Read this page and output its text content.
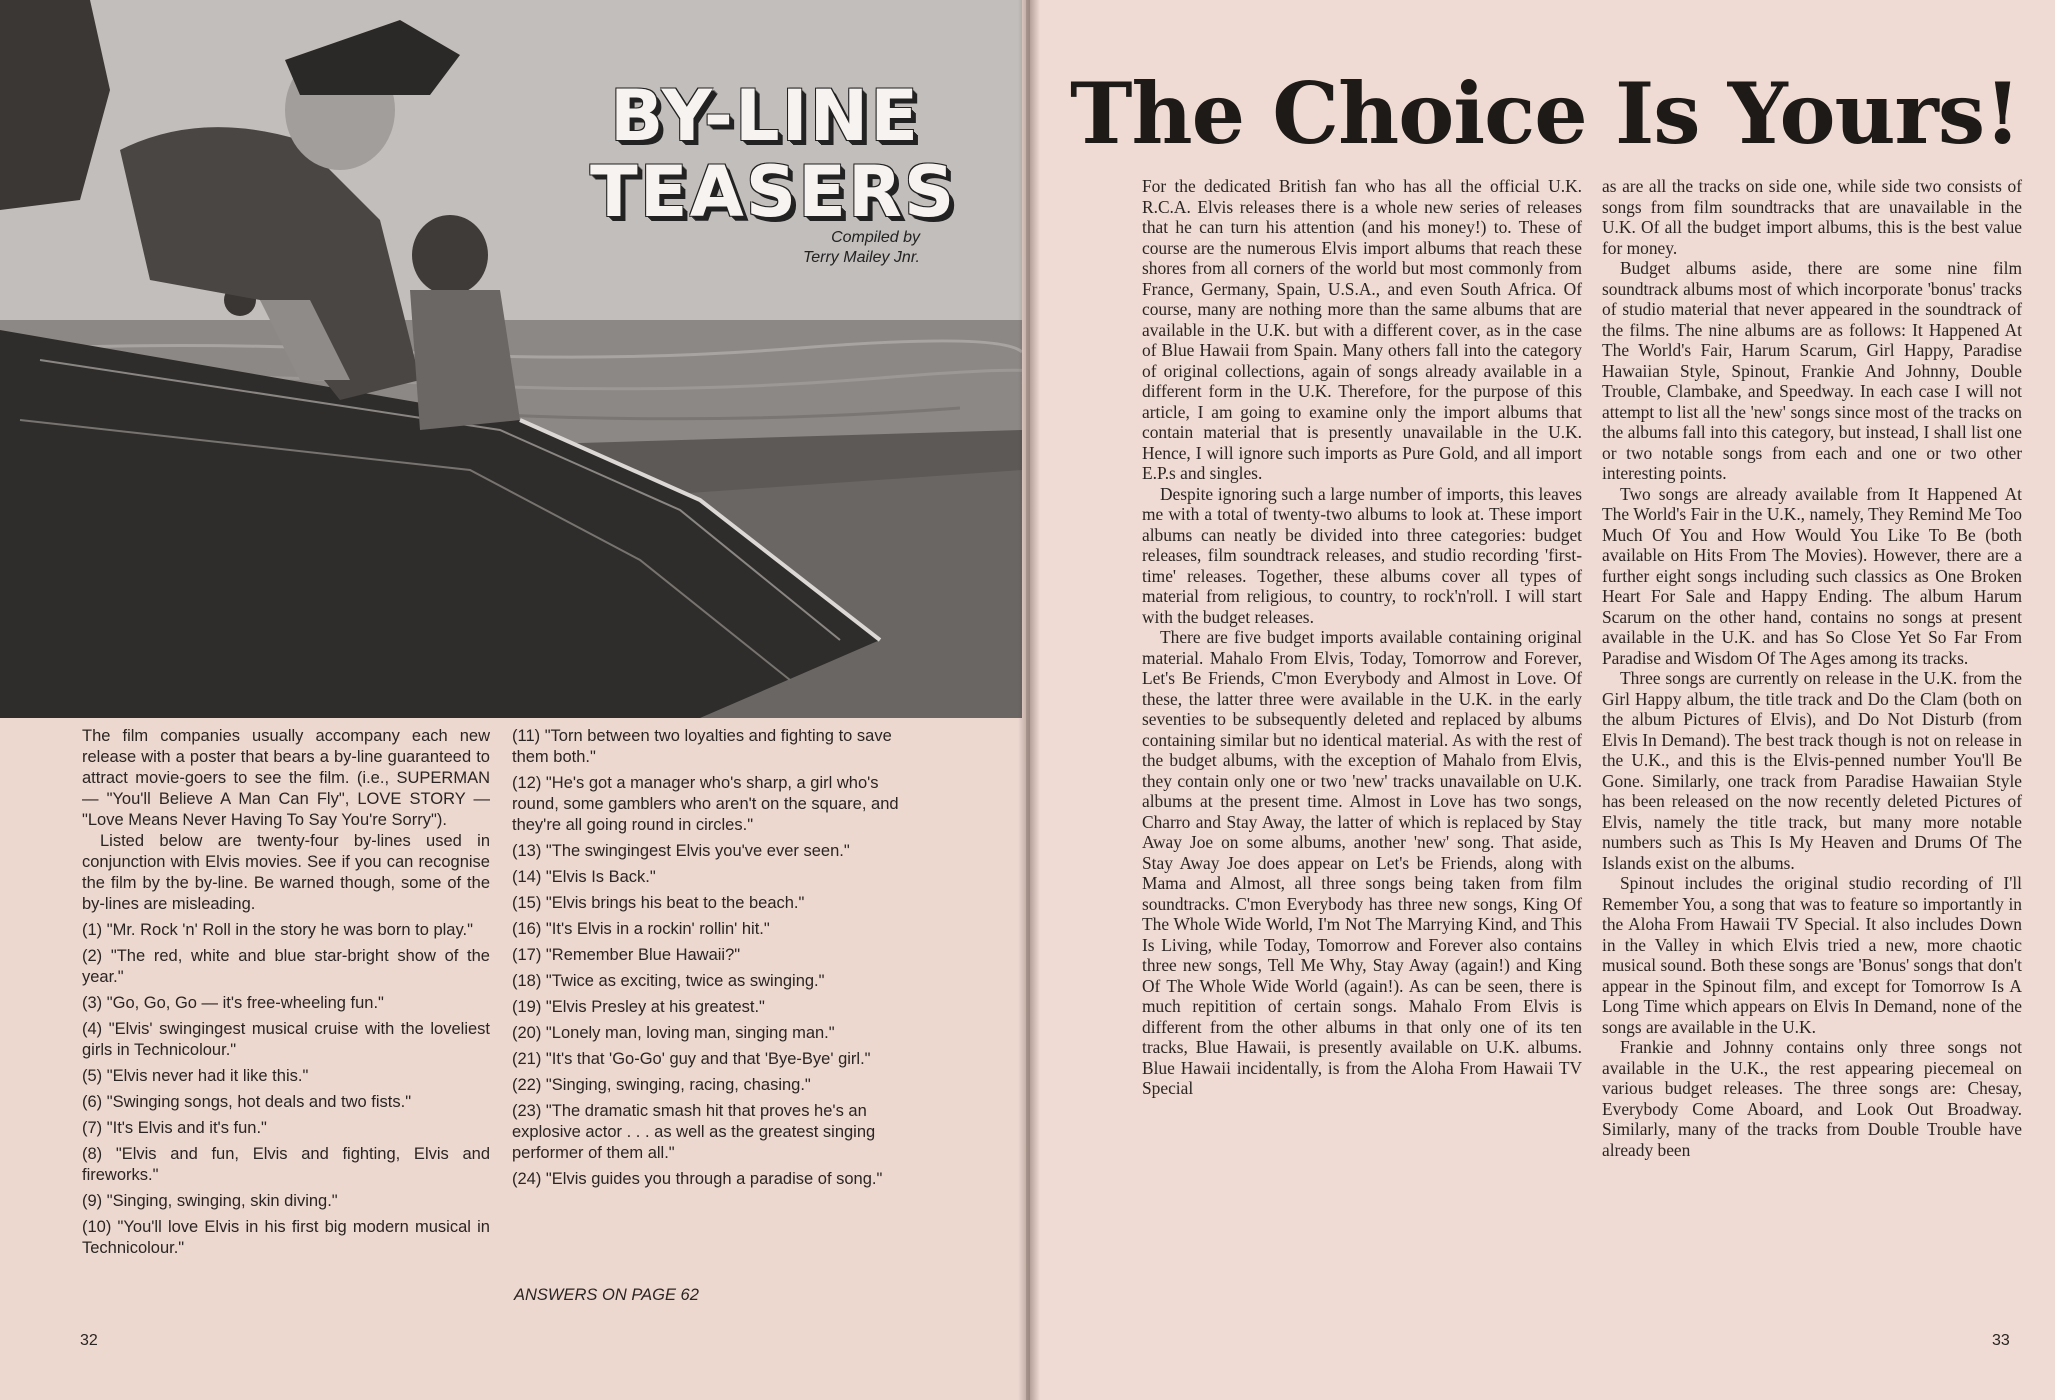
BY-LINE
TEASERS
Compiled by
Terry Mailey Jnr.

The film companies usually accompany each new release with a poster that bears a by-line guaranteed to attract movie-goers to see the film. (i.e., SUPERMAN — "You'll Believe A Man Can Fly", LOVE STORY — "Love Means Never Having To Say You're Sorry").

Listed below are twenty-four by-lines used in conjunction with Elvis movies. See if you can recognise the film by the by-line. Be warned though, some of the by-lines are misleading.

(1) "Mr. Rock 'n' Roll in the story he was born to play."

(2) "The red, white and blue star-bright show of the year."

(3) "Go, Go, Go — it's free-wheeling fun."

(4) "Elvis' swingingest musical cruise with the loveliest girls in Technicolour."

(5) "Elvis never had it like this."

(6) "Swinging songs, hot deals and two fists."

(7) "It's Elvis and it's fun."

(8) "Elvis and fun, Elvis and fighting, Elvis and fireworks."

(9) "Singing, swinging, skin diving."

(10) "You'll love Elvis in his first big modern musical in Technicolour."

(11) "Torn between two loyalties and fighting to save them both."

(12) "He's got a manager who's sharp, a girl who's round, some gamblers who aren't on the square, and they're all going round in circles."

(13) "The swingingest Elvis you've ever seen."

(14) "Elvis Is Back."

(15) "Elvis brings his beat to the beach."

(16) "It's Elvis in a rockin' rollin' hit."

(17) "Remember Blue Hawaii?"

(18) "Twice as exciting, twice as swinging."

(19) "Elvis Presley at his greatest."

(20) "Lonely man, loving man, singing man."

(21) "It's that 'Go-Go' guy and that 'Bye-Bye' girl."

(22) "Singing, swinging, racing, chasing."

(23) "The dramatic smash hit that proves he's an explosive actor . . . as well as the greatest singing performer of them all."

(24) "Elvis guides you through a paradise of song."

ANSWERS ON PAGE 62
32
The Choice Is Yours!

For the dedicated British fan who has all the official U.K. R.C.A. Elvis releases there is a whole new series of releases that he can turn his attention (and his money!) to. These of course are the numerous Elvis import albums that reach these shores from all corners of the world but most commonly from France, Germany, Spain, U.S.A., and even South Africa. Of course, many are nothing more than the same albums that are available in the U.K. but with a different cover, as in the case of Blue Hawaii from Spain. Many others fall into the category of original collections, again of songs already available in a different form in the U.K. Therefore, for the purpose of this article, I am going to examine only the import albums that contain material that is presently unavailable in the U.K. Hence, I will ignore such imports as Pure Gold, and all import E.P.s and singles.

Despite ignoring such a large number of imports, this leaves me with a total of twenty-two albums to look at. These import albums can neatly be divided into three categories: budget releases, film soundtrack releases, and studio recording 'first-time' releases. Together, these albums cover all types of material from religious, to country, to rock'n'roll. I will start with the budget releases.

There are five budget imports available containing original material. Mahalo From Elvis, Today, Tomorrow and Forever, Let's Be Friends, C'mon Everybody and Almost in Love. Of these, the latter three were available in the U.K. in the early seventies to be subsequently deleted and replaced by albums containing similar but no identical material. As with the rest of the budget albums, with the exception of Mahalo from Elvis, they contain only one or two 'new' tracks unavailable on U.K. albums at the present time. Almost in Love has two songs, Charro and Stay Away, the latter of which is replaced by Stay Away Joe on some albums, another 'new' song. That aside, Stay Away Joe does appear on Let's be Friends, along with Mama and Almost, all three songs being taken from film soundtracks. C'mon Everybody has three new songs, King Of The Whole Wide World, I'm Not The Marrying Kind, and This Is Living, while Today, Tomorrow and Forever also contains three new songs, Tell Me Why, Stay Away (again!) and King Of The Whole Wide World (again!). As can be seen, there is much repitition of certain songs. Mahalo From Elvis is different from the other albums in that only one of its ten tracks, Blue Hawaii, is presently available on U.K. albums. Blue Hawaii incidentally, is from the Aloha From Hawaii TV Special

as are all the tracks on side one, while side two consists of songs from film soundtracks that are unavailable in the U.K. Of all the budget import albums, this is the best value for money.

Budget albums aside, there are some nine film soundtrack albums most of which incorporate 'bonus' tracks of studio material that never appeared in the soundtrack of the films. The nine albums are as follows: It Happened At The World's Fair, Harum Scarum, Girl Happy, Paradise Hawaiian Style, Spinout, Frankie And Johnny, Double Trouble, Clambake, and Speedway. In each case I will not attempt to list all the 'new' songs since most of the tracks on the albums fall into this category, but instead, I shall list one or two notable songs from each and one or two other interesting points.

Two songs are already available from It Happened At The World's Fair in the U.K., namely, They Remind Me Too Much Of You and How Would You Like To Be (both available on Hits From The Movies). However, there are a further eight songs including such classics as One Broken Heart For Sale and Happy Ending. The album Harum Scarum on the other hand, contains no songs at present available in the U.K. and has So Close Yet So Far From Paradise and Wisdom Of The Ages among its tracks.

Three songs are currently on release in the U.K. from the Girl Happy album, the title track and Do the Clam (both on the album Pictures of Elvis), and Do Not Disturb (from Elvis In Demand). The best track though is not on release in the U.K., and this is the Elvis-penned number You'll Be Gone. Similarly, one track from Paradise Hawaiian Style has been released on the now recently deleted Pictures of Elvis, namely the title track, but many more notable numbers such as This Is My Heaven and Drums Of The Islands exist on the albums.

Spinout includes the original studio recording of I'll Remember You, a song that was to feature so importantly in the Aloha From Hawaii TV Special. It also includes Down in the Valley in which Elvis tried a new, more chaotic musical sound. Both these songs are 'Bonus' songs that don't appear in the Spinout film, and except for Tomorrow Is A Long Time which appears on Elvis In Demand, none of the songs are available in the U.K.

Frankie and Johnny contains only three songs not available in the U.K., the rest appearing piecemeal on various budget releases. The three songs are: Chesay, Everybody Come Aboard, and Look Out Broadway. Similarly, many of the tracks from Double Trouble have already been

33
